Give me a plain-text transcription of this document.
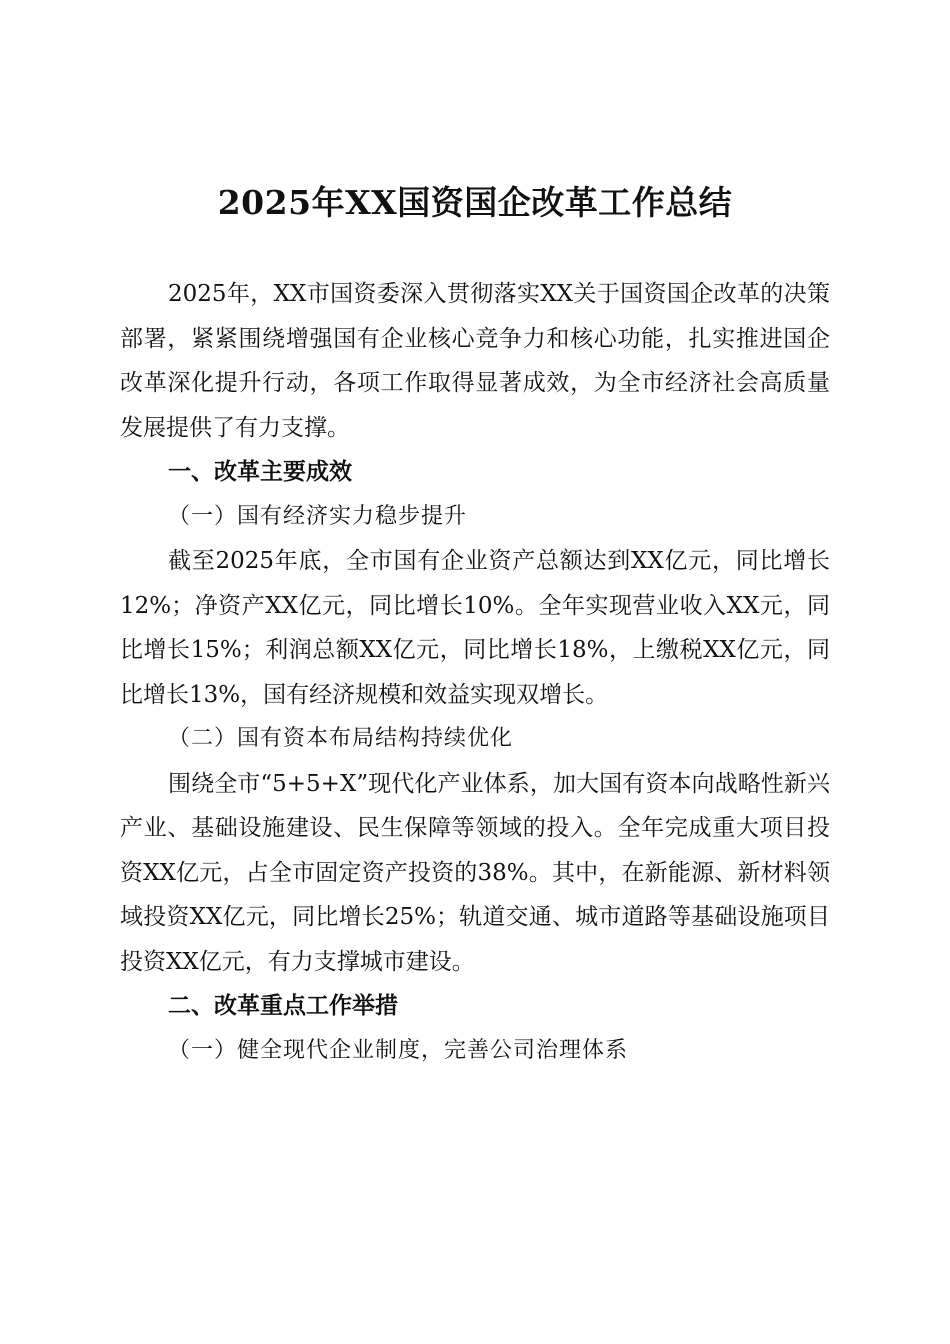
2025年XX国资国企改革工作总结
2025年，XX市国资委深入贯彻落实XX关于国资国企改革的决策部署，紧紧围绕增强国有企业核心竞争力和核心功能，扎实推进国企改革深化提升行动，各项工作取得显著成效，为全市经济社会高质量发展提供了有力支撑。
一、改革主要成效
（一）国有经济实力稳步提升
截至2025年底，全市国有企业资产总额达到XX亿元，同比增长12%；净资产XX亿元，同比增长10%。全年实现营业收入XX元，同比增长15%；利润总额XX亿元，同比增长18%，上缴税XX亿元，同比增长13%，国有经济规模和效益实现双增长。
（二）国有资本布局结构持续优化
围绕全市“5+5+X”现代化产业体系，加大国有资本向战略性新兴产业、基础设施建设、民生保障等领域的投入。全年完成重大项目投资XX亿元，占全市固定资产投资的38%。其中，在新能源、新材料领域投资XX亿元，同比增长25%；轨道交通、城市道路等基础设施项目投资XX亿元，有力支撑城市建设。
二、改革重点工作举措
（一）健全现代企业制度，完善公司治理体系
